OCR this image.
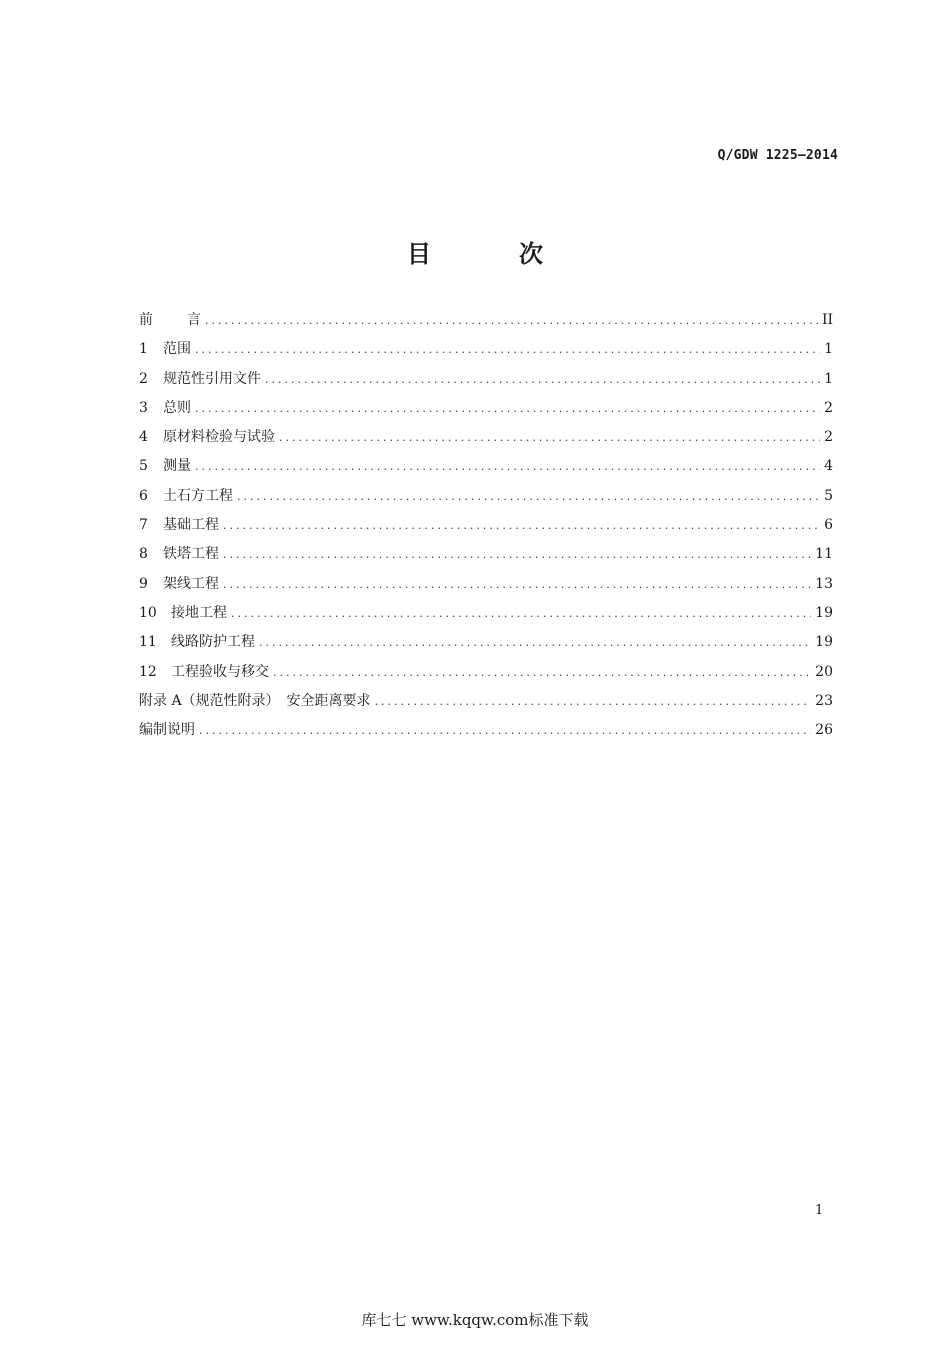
Q/GDW 1225—2014
目	次
前言 .....	II
1	范围 .....	1
2	规范性引用文件 .....	1
3	总则 .....	2
4	原材料检验与试验 .....	2
5	测量 .....	4
6	土石方工程 .....	5
7	基础工程 .....	6
8	铁塔工程 .....	11
9	架线工程 .....	13
10	接地工程 .....	19
11	线路防护工程 .....	19
12	工程验收与移交 .....	20
附录 A（规范性附录）　安全距离要求 .....	23
编制说明 .....	26
1
库七七 www.kqqw.com标准下载
